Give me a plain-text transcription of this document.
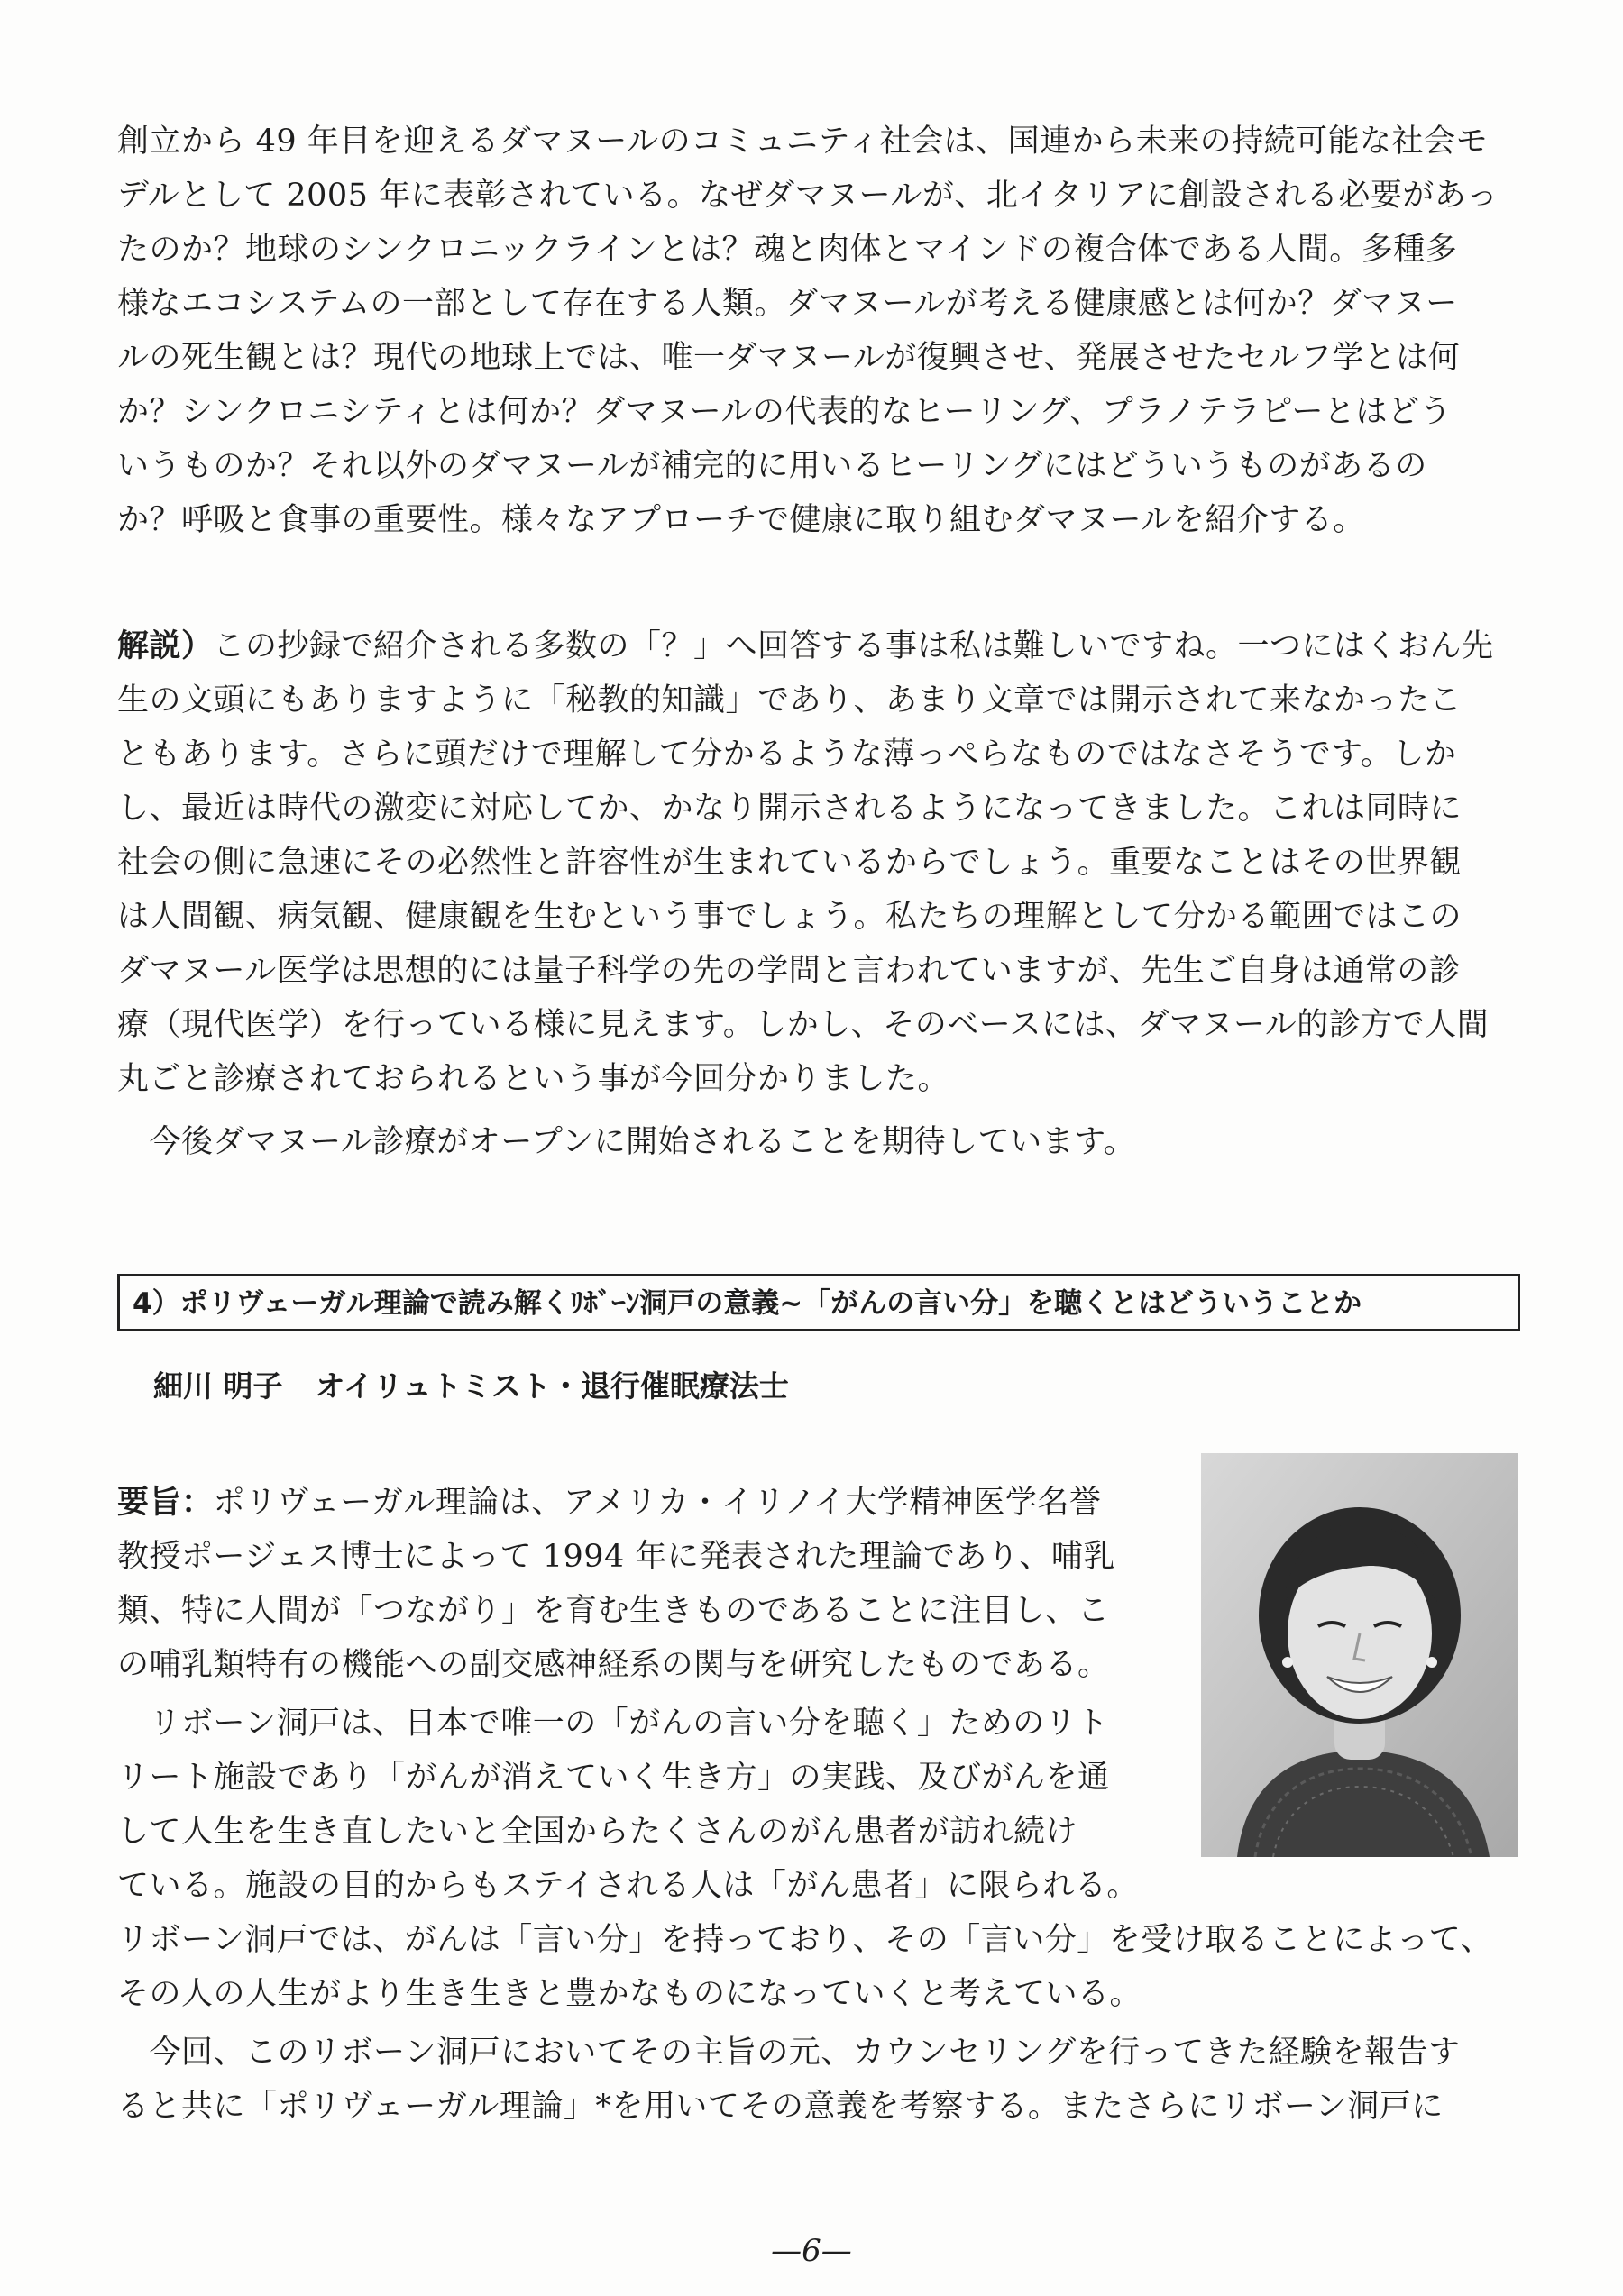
創立から 49 年目を迎えるダマヌールのコミュニティ社会は、国連から未来の持続可能な社会モ
デルとして 2005 年に表彰されている。なぜダマヌールが、北イタリアに創設される必要があっ
たのか？地球のシンクロニックラインとは？魂と肉体とマインドの複合体である人間。多種多
様なエコシステムの一部として存在する人類。ダマヌールが考える健康感とは何か？ダマヌー
ルの死生観とは？現代の地球上では、唯一ダマヌールが復興させ、発展させたセルフ学とは何
か？シンクロニシティとは何か？ダマヌールの代表的なヒーリング、プラノテラピーとはどう
いうものか？それ以外のダマヌールが補完的に用いるヒーリングにはどういうものがあるの
か？呼吸と食事の重要性。様々なアプローチで健康に取り組むダマヌールを紹介する。
解説）この抄録で紹介される多数の「？」へ回答する事は私は難しいですね。一つにはくおん先
生の文頭にもありますように「秘教的知識」であり、あまり文章では開示されて来なかったこ
ともあります。さらに頭だけで理解して分かるような薄っぺらなものではなさそうです。しか
し、最近は時代の激変に対応してか、かなり開示されるようになってきました。これは同時に
社会の側に急速にその必然性と許容性が生まれているからでしょう。重要なことはその世界観
は人間観、病気観、健康観を生むという事でしょう。私たちの理解として分かる範囲ではこの
ダマヌール医学は思想的には量子科学の先の学問と言われていますが、先生ご自身は通常の診
療（現代医学）を行っている様に見えます。しかし、そのベースには、ダマヌール的診方で人間
丸ごと診療されておられるという事が今回分かりました。
　今後ダマヌール診療がオープンに開始されることを期待しています。
4）ポリヴェーガル理論で読み解くﾘﾎﾞｰﾝ洞戸の意義~「がんの言い分」を聴くとはどういうことか
細川 明子 オイリュトミスト・退行催眠療法士
要旨：ポリヴェーガル理論は、アメリカ・イリノイ大学精神医学名誉
教授ポージェス博士によって 1994 年に発表された理論であり、哺乳
類、特に人間が「つながり」を育む生きものであることに注目し、こ
の哺乳類特有の機能への副交感神経系の関与を研究したものである。
　リボーン洞戸は、日本で唯一の「がんの言い分を聴く」ためのリト
リート施設であり「がんが消えていく生き方」の実践、及びがんを通
して人生を生き直したいと全国からたくさんのがん患者が訪れ続け
ている。施設の目的からもステイされる人は「がん患者」に限られる。
リボーン洞戸では、がんは「言い分」を持っており、その「言い分」を受け取ることによって、
その人の人生がより生き生きと豊かなものになっていくと考えている。
　今回、このリボーン洞戸においてその主旨の元、カウンセリングを行ってきた経験を報告す
ると共に「ポリヴェーガル理論」*を用いてその意義を考察する。またさらにリボーン洞戸に
—6—
